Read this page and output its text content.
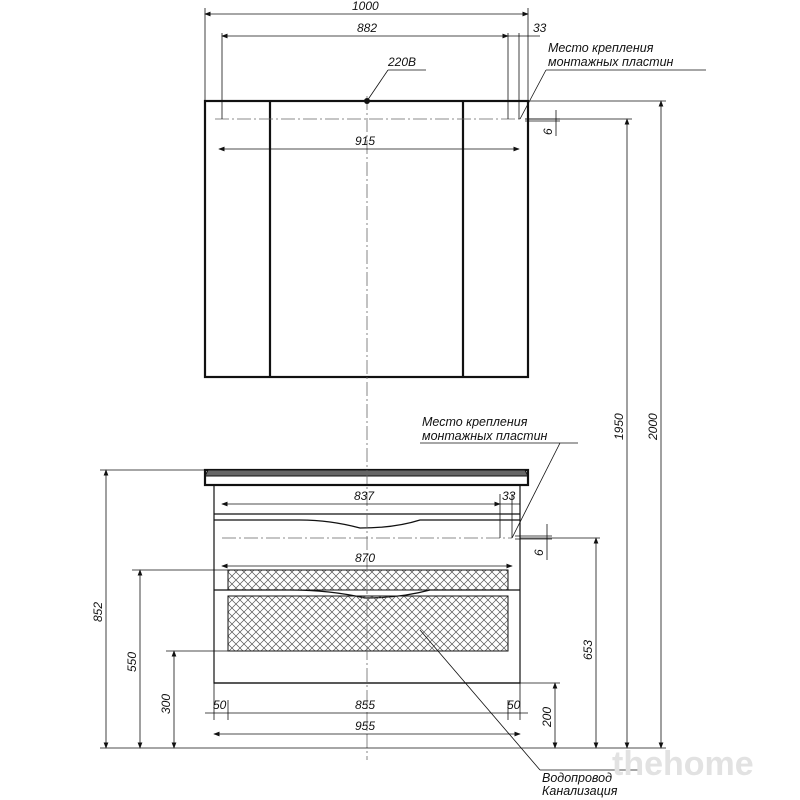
220В
1000
882	33
915
6
Место крепления
монтажных пластин
Место крепления
монтажных пластин
837	33
6
870
50	855	50
955	200
852
550
300
653
Водопровод
Канализация
1950 2000
thehome
